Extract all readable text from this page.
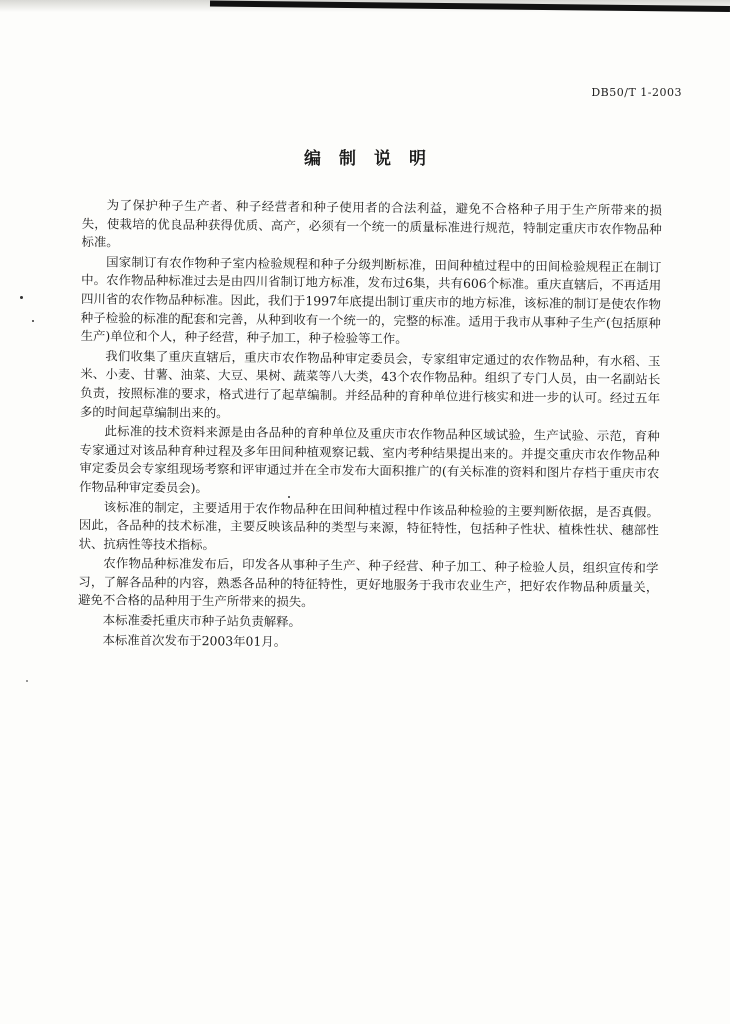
DB50/T 1-2003
编制说明

为了保护种子生产者、种子经营者和种子使用者的合法利益，避免不合格种子用于生产所带来的损失，使栽培的优良品种获得优质、高产，必须有一个统一的质量标准进行规范，特制定重庆市农作物品种标准。

国家制订有农作物种子室内检验规程和种子分级判断标准，田间种植过程中的田间检验规程正在制订中。农作物品种标准过去是由四川省制订地方标准，发布过6集，共有606个标准。重庆直辖后，不再适用四川省的农作物品种标准。因此，我们于1997年底提出制订重庆市的地方标准，该标准的制订是使农作物种子检验的标准的配套和完善，从种到收有一个统一的，完整的标准。适用于我市从事种子生产(包括原种生产)单位和个人，种子经营，种子加工，种子检验等工作。

我们收集了重庆直辖后，重庆市农作物品种审定委员会，专家组审定通过的农作物品种，有水稻、玉米、小麦、甘薯、油菜、大豆、果树、蔬菜等八大类，43个农作物品种。组织了专门人员，由一名副站长负责，按照标准的要求，格式进行了起草编制。并经品种的育种单位进行核实和进一步的认可。经过五年多的时间起草编制出来的。

此标准的技术资料来源是由各品种的育种单位及重庆市农作物品种区域试验，生产试验、示范，育种专家通过对该品种育种过程及多年田间种植观察记载、室内考种结果提出来的。并提交重庆市农作物品种审定委员会专家组现场考察和评审通过并在全市发布大面积推广的(有关标准的资料和图片存档于重庆市农作物品种审定委员会)。

该标准的制定，主要适用于农作物品种在田间种植过程中作该品种检验的主要判断依据，是否真假。因此，各品种的技术标准，主要反映该品种的类型与来源，特征特性，包括种子性状、植株性状、穗部性状、抗病性等技术指标。

农作物品种标准发布后，印发各从事种子生产、种子经营、种子加工、种子检验人员，组织宣传和学习，了解各品种的内容，熟悉各品种的特征特性，更好地服务于我市农业生产，把好农作物品种质量关，避免不合格的品种用于生产所带来的损失。

本标准委托重庆市种子站负责解释。

本标准首次发布于2003年01月。
